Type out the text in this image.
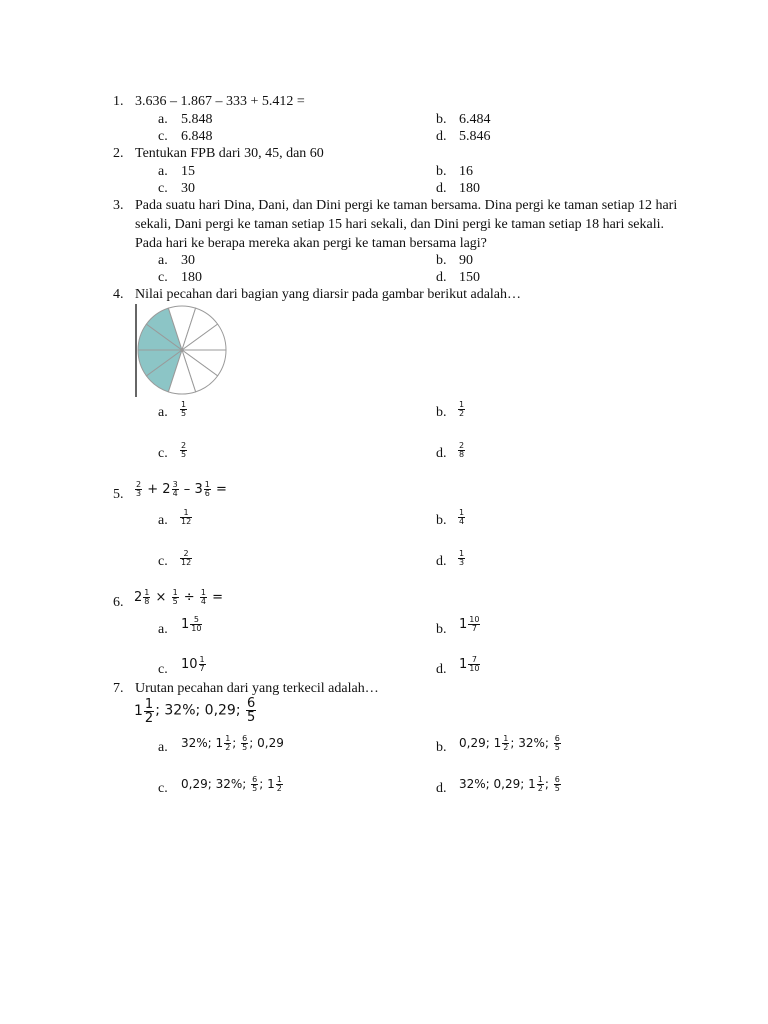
1. 3.636 – 1.867 – 333 + 5.412 =
a. 5.848	b. 6.484
c. 6.848	d. 5.846
2. Tentukan FPB dari 30, 45, dan 60
a. 15	b. 16
c. 30	d. 180
3. Pada suatu hari Dina, Dani, dan Dini pergi ke taman bersama. Dina pergi ke taman setiap 12 hari
sekali, Dani pergi ke taman setiap 15 hari sekali, dan Dini pergi ke taman setiap 18 hari sekali.
Pada hari ke berapa mereka akan pergi ke taman bersama lagi?
a. 30	b. 90
c. 180	d. 150
4. Nilai pecahan dari bagian yang diarsir pada gambar berikut adalah…
a. $\frac{1}{5}$	b. $\frac{1}{2}$
c. $\frac{2}{5}$	d. $\frac{2}{8}$
5. $\frac{2}{3} + 2 \frac{3}{4} - 3 \frac{1}{6}$ =
a. $\frac{1}{12}$	b. $\frac{1}{4}$
c. $\frac{2}{12}$	d. $\frac{1}{3}$
6. $2 \frac{1}{8} \times \frac{1}{5} \div \frac{1}{4}$ =
a. $1 \frac{5}{10}$	b. $1 \frac{10}{7}$
c. $10 \frac{1}{7}$	d. $1 \frac{7}{10}$
7. Urutan pecahan dari yang terkecil adalah…
$1 \frac{1}{2}$ ; 32%; 0,29; $\frac{6}{5}$
a. 32%; $1 \frac{1}{2}$ ; $\frac{6}{5}$ ; 0,29	b. 0,29; $1 \frac{1}{2}$ ; 32%; $\frac{6}{5}$
c. 0,29; 32%; $\frac{6}{5}$ ; $1 \frac{1}{2}$	d. 32%; 0,29; $1 \frac{1}{2}$ ; $\frac{6}{5}$
